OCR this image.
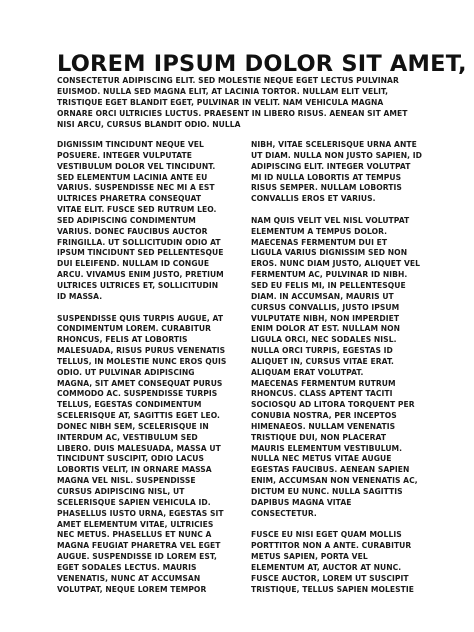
LOREM IPSUM DOLOR SIT AMET,
CONSECTETUR ADIPISCING ELIT. SED MOLESTIE NEQUE EGET LECTUS PULVINAR
EUISMOD. NULLA SED MAGNA ELIT, AT LACINIA TORTOR. NULLAM ELIT VELIT,
TRISTIQUE EGET BLANDIT EGET, PULVINAR IN VELIT. NAM VEHICULA MAGNA
ORNARE ORCI ULTRICIES LUCTUS. PRAESENT IN LIBERO RISUS. AENEAN SIT AMET
NISI ARCU, CURSUS BLANDIT ODIO. NULLA

DIGNISSIM TINCIDUNT NEQUE VEL
POSUERE. INTEGER VULPUTATE
VESTIBULUM DOLOR VEL TINCIDUNT.
SED ELEMENTUM LACINIA ANTE EU
VARIUS. SUSPENDISSE NEC MI A EST
ULTRICES PHARETRA CONSEQUAT
VITAE ELIT. FUSCE SED RUTRUM LEO.
SED ADIPISCING CONDIMENTUM
VARIUS. DONEC FAUCIBUS AUCTOR
FRINGILLA. UT SOLLICITUDIN ODIO AT
IPSUM TINCIDUNT SED PELLENTESQUE
DUI ELEIFEND. NULLAM ID CONGUE
ARCU. VIVAMUS ENIM JUSTO, PRETIUM
ULTRICES ULTRICES ET, SOLLICITUDIN
ID MASSA.

SUSPENDISSE QUIS TURPIS AUGUE, AT
CONDIMENTUM LOREM. CURABITUR
RHONCUS, FELIS AT LOBORTIS
MALESUADA, RISUS PURUS VENENATIS
TELLUS, IN MOLESTIE NUNC EROS QUIS
ODIO. UT PULVINAR ADIPISCING
MAGNA, SIT AMET CONSEQUAT PURUS
COMMODO AC. SUSPENDISSE TURPIS
TELLUS, EGESTAS CONDIMENTUM
SCELERISQUE AT, SAGITTIS EGET LEO.
DONEC NIBH SEM, SCELERISQUE IN
INTERDUM AC, VESTIBULUM SED
LIBERO. DUIS MALESUADA, MASSA UT
TINCIDUNT SUSCIPIT, ODIO LACUS
LOBORTIS VELIT, IN ORNARE MASSA
MAGNA VEL NISL. SUSPENDISSE
CURSUS ADIPISCING NISL, UT
SCELERISQUE SAPIEN VEHICULA ID.
PHASELLUS IUSTO URNA, EGESTAS SIT
AMET ELEMENTUM VITAE, ULTRICIES
NEC METUS. PHASELLUS ET NUNC A
MAGNA FEUGIAT PHARETRA VEL EGET
AUGUE. SUSPENDISSE ID LOREM EST,
EGET SODALES LECTUS. MAURIS
VENENATIS, NUNC AT ACCUMSAN
VOLUTPAT, NEQUE LOREM TEMPOR

NIBH, VITAE SCELERISQUE URNA ANTE
UT DIAM. NULLA NON JUSTO SAPIEN, ID
ADIPISCING ELIT. INTEGER VOLUTPAT
MI ID NULLA LOBORTIS AT TEMPUS
RISUS SEMPER. NULLAM LOBORTIS
CONVALLIS EROS ET VARIUS.

NAM QUIS VELIT VEL NISL VOLUTPAT
ELEMENTUM A TEMPUS DOLOR.
MAECENAS FERMENTUM DUI ET
LIGULA VARIUS DIGNISSIM SED NON
EROS. NUNC DIAM JUSTO, ALIQUET VEL
FERMENTUM AC, PULVINAR ID NIBH.
SED EU FELIS MI, IN PELLENTESQUE
DIAM. IN ACCUMSAN, MAURIS UT
CURSUS CONVALLIS, JUSTO IPSUM
VULPUTATE NIBH, NON IMPERDIET
ENIM DOLOR AT EST. NULLAM NON
LIGULA ORCI, NEC SODALES NISL.
NULLA ORCI TURPIS, EGESTAS ID
ALIQUET IN, CURSUS VITAE ERAT.
ALIQUAM ERAT VOLUTPAT.
MAECENAS FERMENTUM RUTRUM
RHONCUS. CLASS APTENT TACITI
SOCIOSQU AD LITORA TORQUENT PER
CONUBIA NOSTRA, PER INCEPTOS
HIMENAEOS. NULLAM VENENATIS
TRISTIQUE DUI, NON PLACERAT
MAURIS ELEMENTUM VESTIBULUM.
NULLA NEC METUS VITAE AUGUE
EGESTAS FAUCIBUS. AENEAN SAPIEN
ENIM, ACCUMSAN NON VENENATIS AC,
DICTUM EU NUNC. NULLA SAGITTIS
DAPIBUS MAGNA VITAE
CONSECTETUR.

FUSCE EU NISI EGET QUAM MOLLIS
PORTTITOR NON A ANTE. CURABITUR
METUS SAPIEN, PORTA VEL
ELEMENTUM AT, AUCTOR AT NUNC.
FUSCE AUCTOR, LOREM UT SUSCIPIT
TRISTIQUE, TELLUS SAPIEN MOLESTIE
